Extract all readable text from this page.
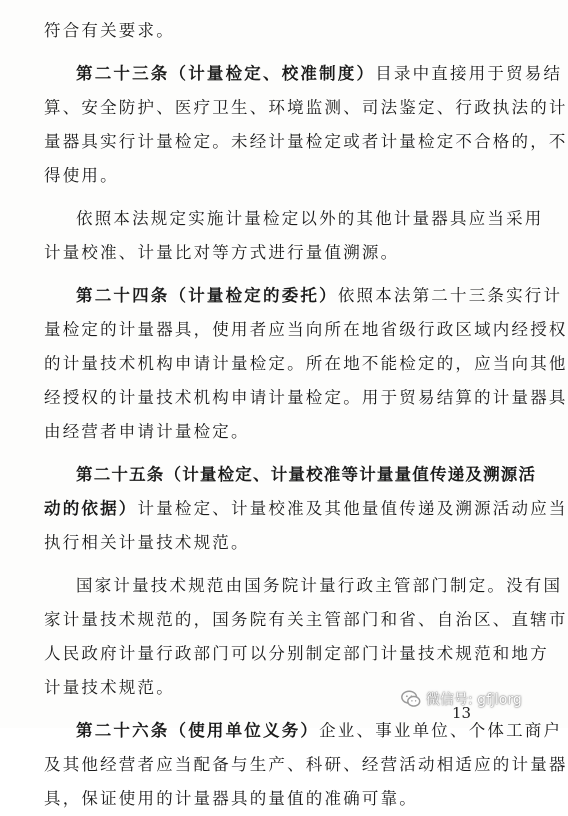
符合有关要求。
第二十三条（计量检定、校准制度）目录中直接用于贸易结
算、安全防护、医疗卫生、环境监测、司法鉴定、行政执法的计
量器具实行计量检定。未经计量检定或者计量检定不合格的，不
得使用。
依照本法规定实施计量检定以外的其他计量器具应当采用
计量校准、计量比对等方式进行量值溯源。
第二十四条（计量检定的委托）依照本法第二十三条实行计
量检定的计量器具，使用者应当向所在地省级行政区域内经授权
的计量技术机构申请计量检定。所在地不能检定的，应当向其他
经授权的计量技术机构申请计量检定。用于贸易结算的计量器具
由经营者申请计量检定。
第二十五条（计量检定、计量校准等计量量值传递及溯源活
动的依据）计量检定、计量校准及其他量值传递及溯源活动应当
执行相关计量技术规范。
国家计量技术规范由国务院计量行政主管部门制定。没有国
家计量技术规范的，国务院有关主管部门和省、自治区、直辖市
人民政府计量行政部门可以分别制定部门计量技术规范和地方
计量技术规范。
第二十六条（使用单位义务）企业、事业单位、个体工商户
及其他经营者应当配备与生产、科研、经营活动相适应的计量器
具，保证使用的计量器具的量值的准确可靠。
微信号: gfjlorg
13
